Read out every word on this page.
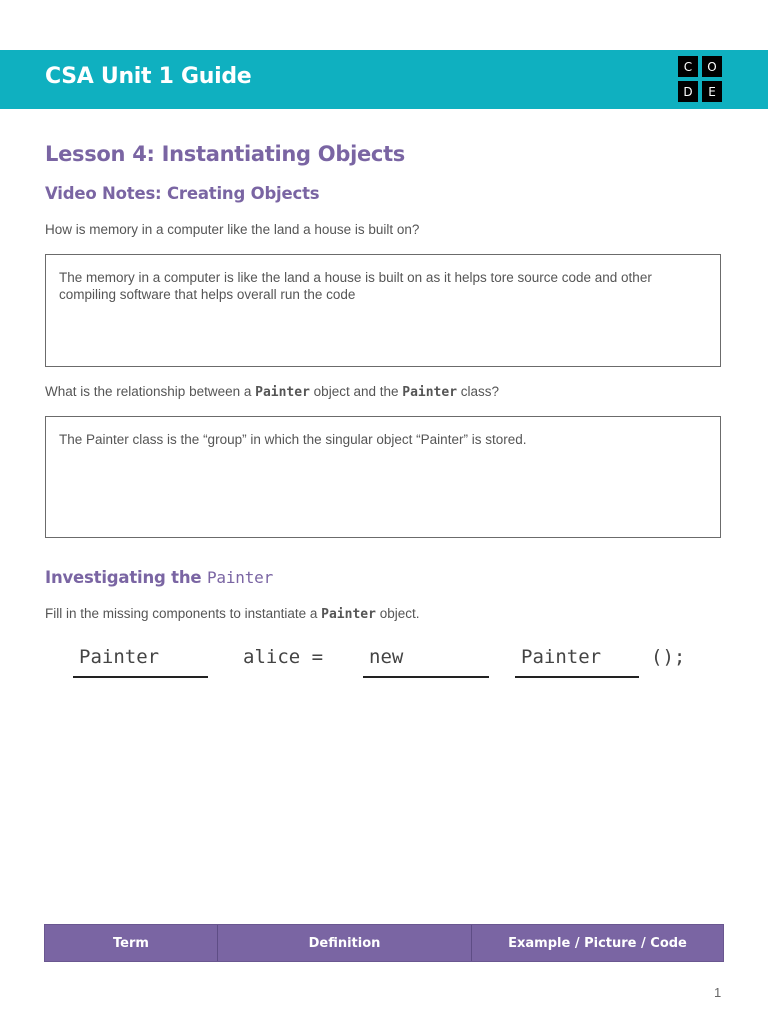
CSA Unit 1 Guide	C	O
D	E
Lesson 4: Instantiating Objects
Video Notes: Creating Objects
How is memory in a computer like the land a house is built on?
The memory in a computer is like the land a house is built on as it helps tore source code and other compiling software that helps overall run the code
What is the relationship between a Painter object and the Painter class?
The Painter class is the “group” in which the singular object “Painter” is stored.
Investigating the Painter
Fill in the missing components to instantiate a Painter object.
Painter	alice = new	Painter	();
Term	Definition	Example / Picture / Code
1
